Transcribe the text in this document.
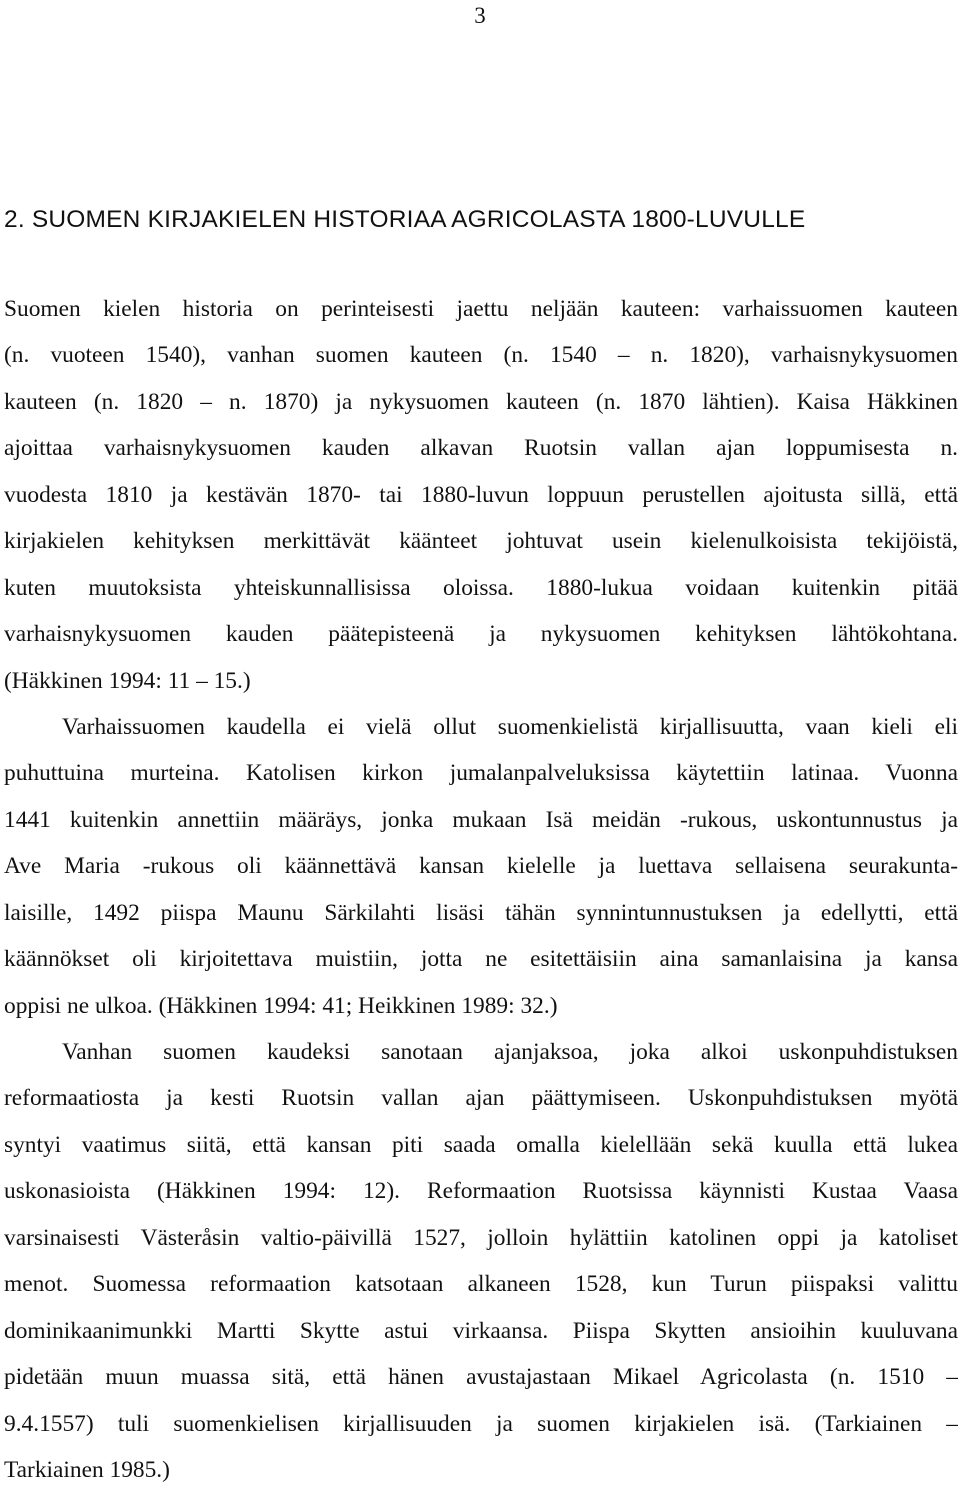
3
2. SUOMEN KIRJAKIELEN HISTORIAA AGRICOLASTA 1800-LUVULLE
Suomen kielen historia on perinteisesti jaettu neljään kauteen: varhaissuomen kauteen
(n. vuoteen 1540), vanhan suomen kauteen (n. 1540 – n. 1820), varhaisnykysuomen
kauteen (n. 1820 – n. 1870) ja nykysuomen kauteen (n. 1870 lähtien). Kaisa Häkkinen
ajoittaa varhaisnykysuomen kauden alkavan Ruotsin vallan ajan loppumisesta n.
vuodesta 1810 ja kestävän 1870- tai 1880-luvun loppuun perustellen ajoitusta sillä, että
kirjakielen kehityksen merkittävät käänteet johtuvat usein kielenulkoisista tekijöistä,
kuten muutoksista yhteiskunnallisissa oloissa. 1880-lukua voidaan kuitenkin pitää
varhaisnykysuomen kauden päätepisteenä ja nykysuomen kehityksen lähtökohtana.
(Häkkinen 1994: 11 – 15.)
Varhaissuomen kaudella ei vielä ollut suomenkielistä kirjallisuutta, vaan kieli eli
puhuttuina murteina. Katolisen kirkon jumalanpalveluksissa käytettiin latinaa. Vuonna
1441 kuitenkin annettiin määräys, jonka mukaan Isä meidän -rukous, uskontunnustus ja
Ave Maria -rukous oli käännettävä kansan kielelle ja luettava sellaisena seurakunta-
laisille, 1492 piispa Maunu Särkilahti lisäsi tähän synnintunnustuksen ja edellytti, että
käännökset oli kirjoitettava muistiin, jotta ne esitettäisiin aina samanlaisina ja kansa
oppisi ne ulkoa. (Häkkinen 1994: 41; Heikkinen 1989: 32.)
Vanhan suomen kaudeksi sanotaan ajanjaksoa, joka alkoi uskonpuhdistuksen
reformaatiosta ja kesti Ruotsin vallan ajan päättymiseen. Uskonpuhdistuksen myötä
syntyi vaatimus siitä, että kansan piti saada omalla kielellään sekä kuulla että lukea
uskonasioista (Häkkinen 1994: 12). Reformaation Ruotsissa käynnisti Kustaa Vaasa
varsinaisesti Västeråsin valtio-päivillä 1527, jolloin hylättiin katolinen oppi ja katoliset
menot. Suomessa reformaation katsotaan alkaneen 1528, kun Turun piispaksi valittu
dominikaanimunkki Martti Skytte astui virkaansa. Piispa Skytten ansioihin kuuluvana
pidetään muun muassa sitä, että hänen avustajastaan Mikael Agricolasta (n. 1510 –
9.4.1557) tuli suomenkielisen kirjallisuuden ja suomen kirjakielen isä. (Tarkiainen –
Tarkiainen 1985.)
